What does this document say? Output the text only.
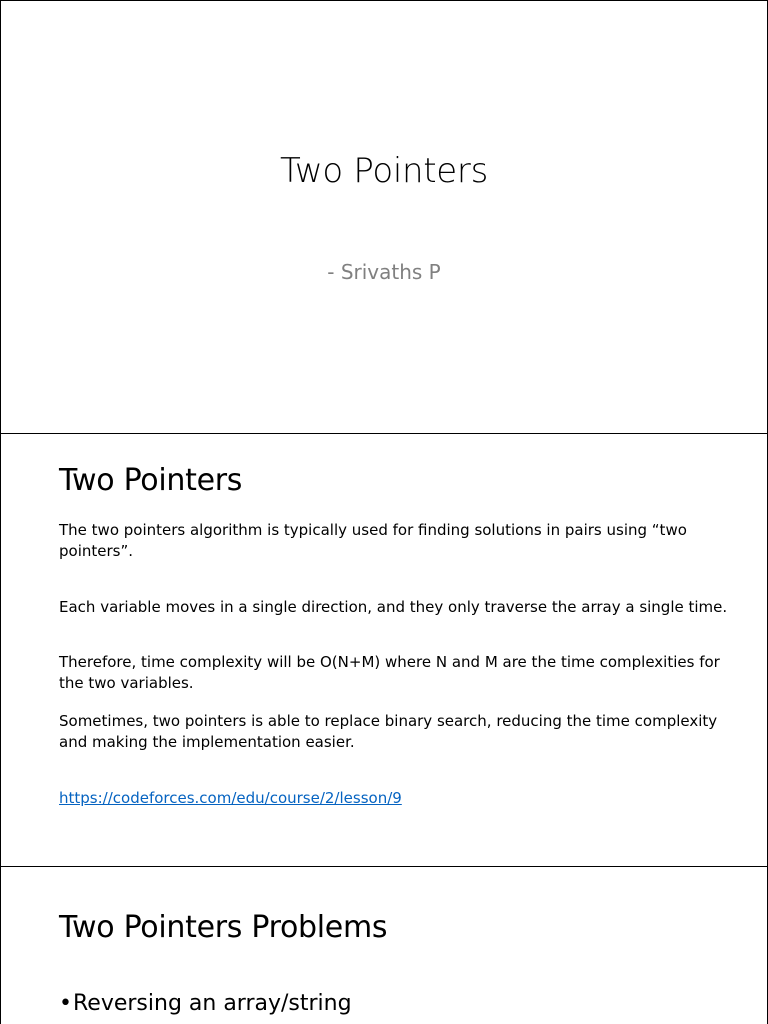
Two Pointers
- Srivaths P
Two Pointers
The two pointers algorithm is typically used for finding solutions in pairs using “two pointers”.
Each variable moves in a single direction, and they only traverse the array a single time.
Therefore, time complexity will be O(N+M) where N and M are the time complexities for the two variables.
Sometimes, two pointers is able to replace binary search, reducing the time complexity and making the implementation easier.
https://codeforces.com/edu/course/2/lesson/9
Two Pointers Problems
•Reversing an array/string
